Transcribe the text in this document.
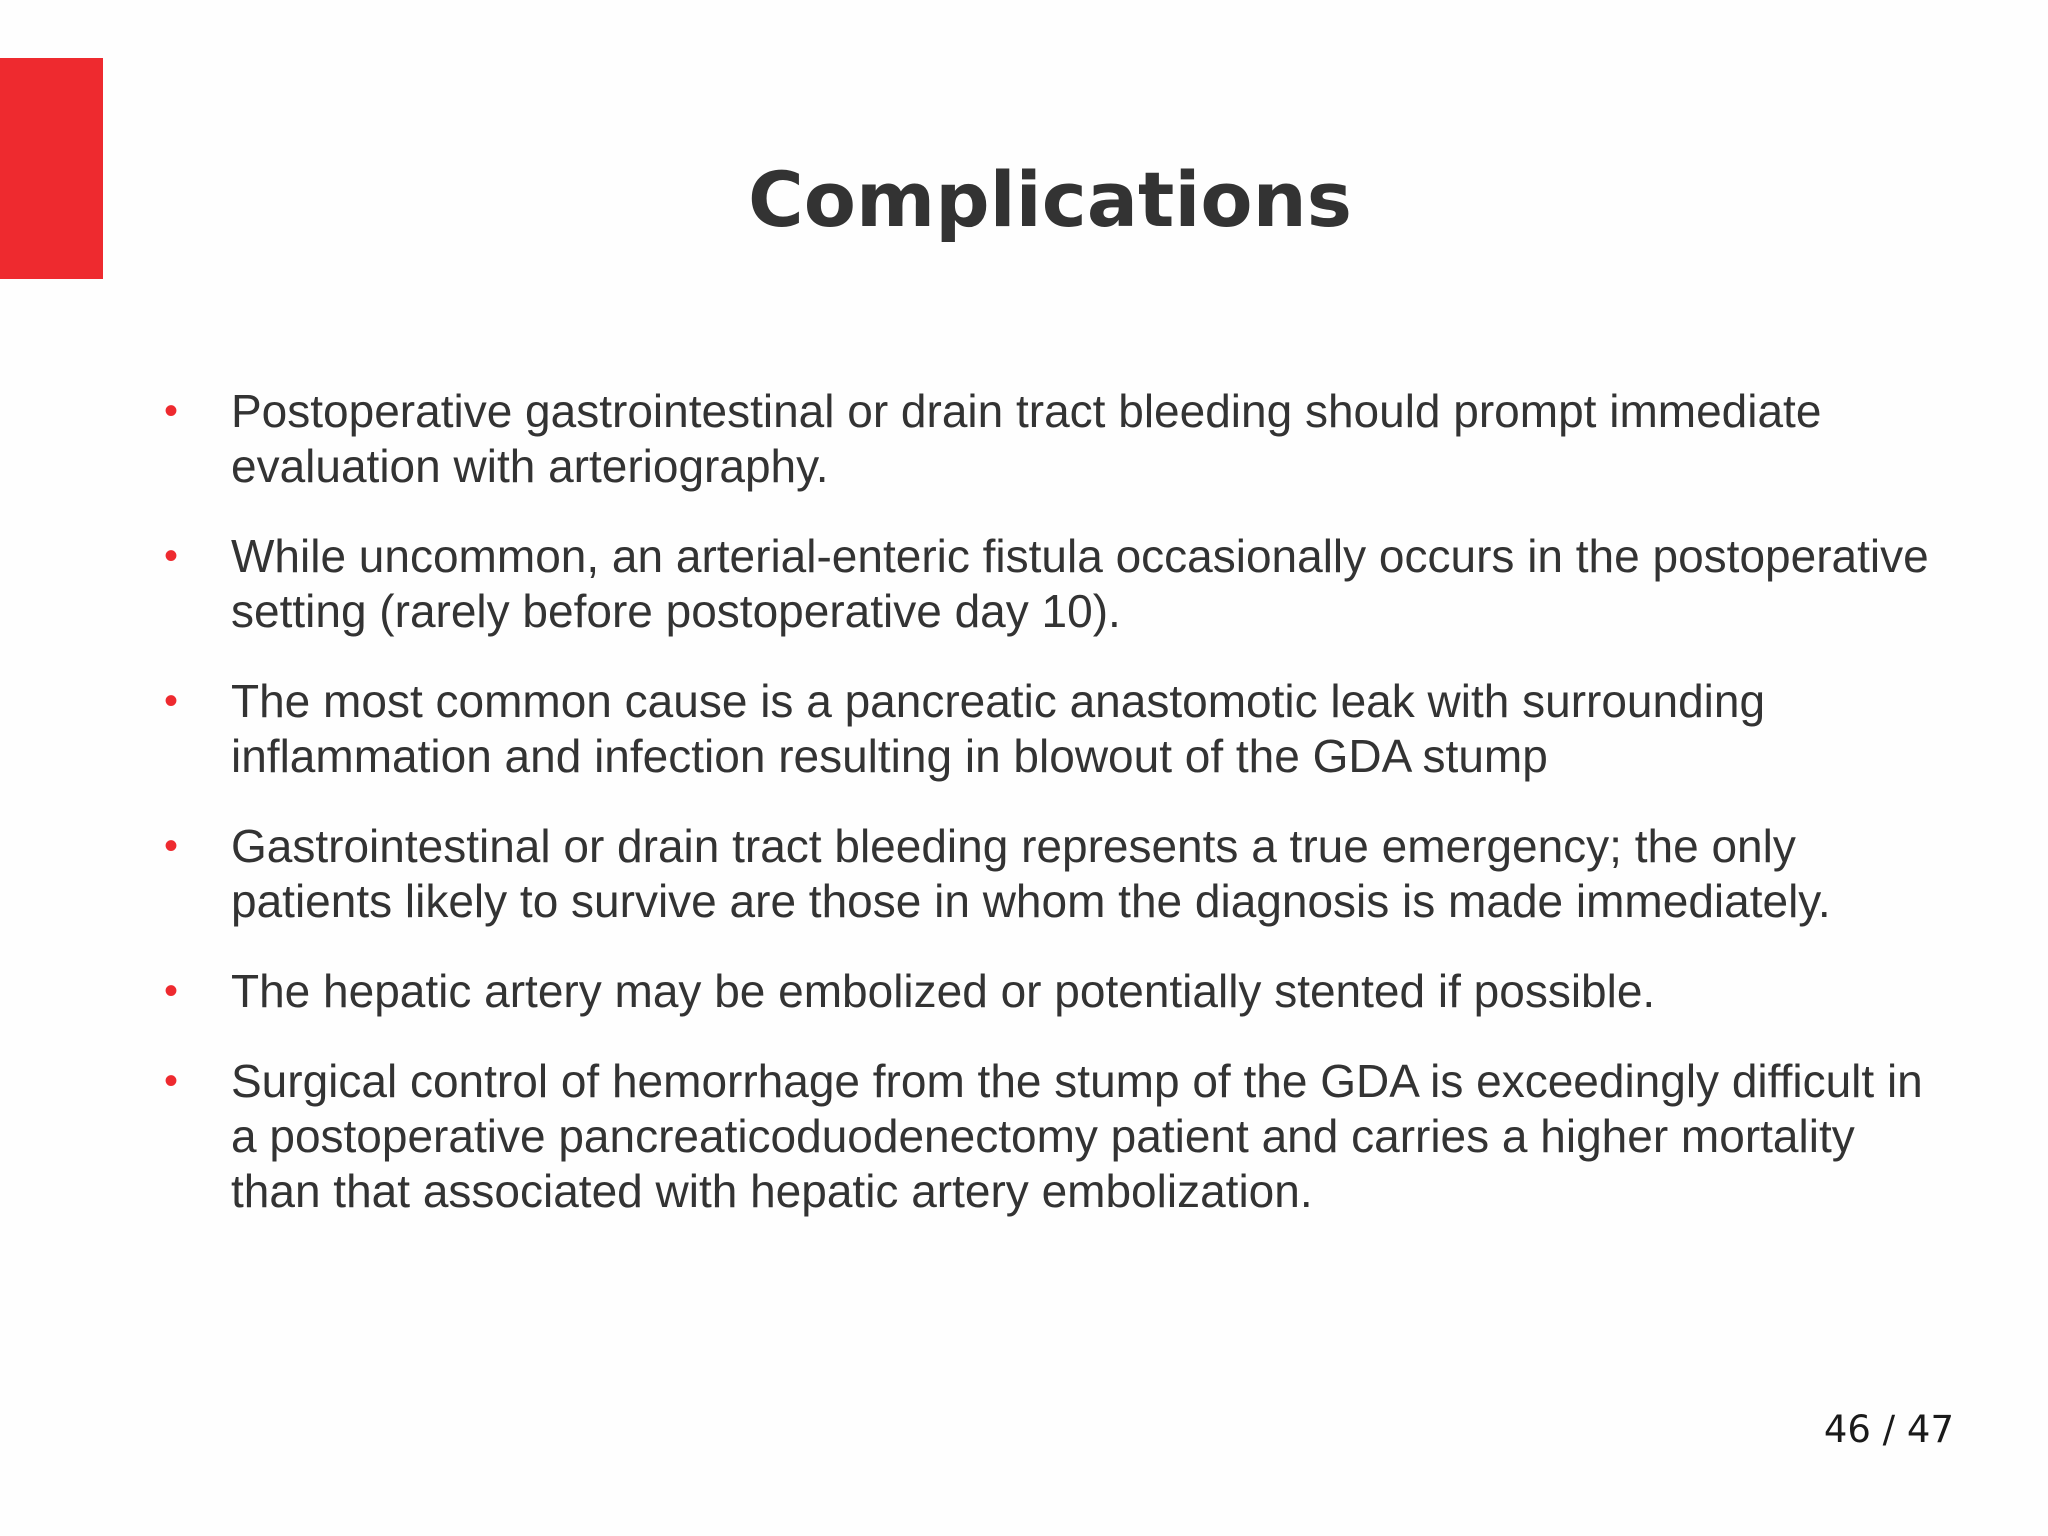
Complications
• Postoperative gastrointestinal or drain tract bleeding should prompt immediate evaluation with arteriography.
• While uncommon, an arterial-enteric fistula occasionally occurs in the postoperative setting (rarely before postoperative day 10).
• The most common cause is a pancreatic anastomotic leak with surrounding inflammation and infection resulting in blowout of the GDA stump
• Gastrointestinal or drain tract bleeding represents a true emergency; the only patients likely to survive are those in whom the diagnosis is made immediately.
• The hepatic artery may be embolized or potentially stented if possible.
• Surgical control of hemorrhage from the stump of the GDA is exceedingly difficult in a postoperative pancreaticoduodenectomy patient and carries a higher mortality than that associated with hepatic artery embolization.
46 / 47
